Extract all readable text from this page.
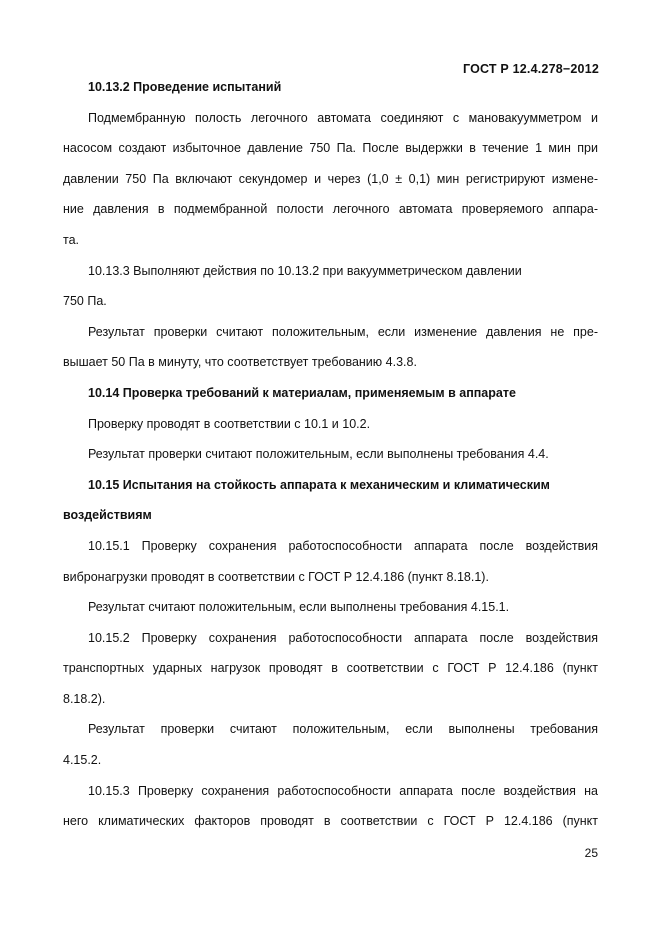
ГОСТ Р 12.4.278−2012
10.13.2 Проведение испытаний
Подмембранную полость легочного автомата соединяют с мановакуумметром и
насосом создают избыточное давление 750 Па. После выдержки в течение 1 мин при
давлении 750 Па включают секундомер и через (1,0 ± 0,1) мин регистрируют измене-
ние давления в подмембранной полости легочного автомата проверяемого аппара-
та.
10.13.3 Выполняют действия по 10.13.2 при вакуумметрическом давлении
750 Па.
Результат проверки считают положительным, если изменение давления не пре-
вышает 50 Па в минуту, что соответствует требованию 4.3.8.
10.14 Проверка требований к материалам, применяемым в аппарате
Проверку проводят в соответствии с 10.1 и 10.2.
Результат проверки считают положительным, если выполнены требования 4.4.
10.15 Испытания на стойкость аппарата к механическим и климатическим
воздействиям
10.15.1 Проверку сохранения работоспособности аппарата после воздействия
вибронагрузки проводят в соответствии с ГОСТ Р 12.4.186 (пункт 8.18.1).
Результат считают положительным, если выполнены требования 4.15.1.
10.15.2 Проверку сохранения работоспособности аппарата после воздействия
транспортных ударных нагрузок проводят в соответствии с ГОСТ Р 12.4.186 (пункт
8.18.2).
Результат проверки считают положительным, если выполнены требования
4.15.2.
10.15.3 Проверку сохранения работоспособности аппарата после воздействия на
него климатических факторов проводят в соответствии с ГОСТ Р 12.4.186 (пункт
25
